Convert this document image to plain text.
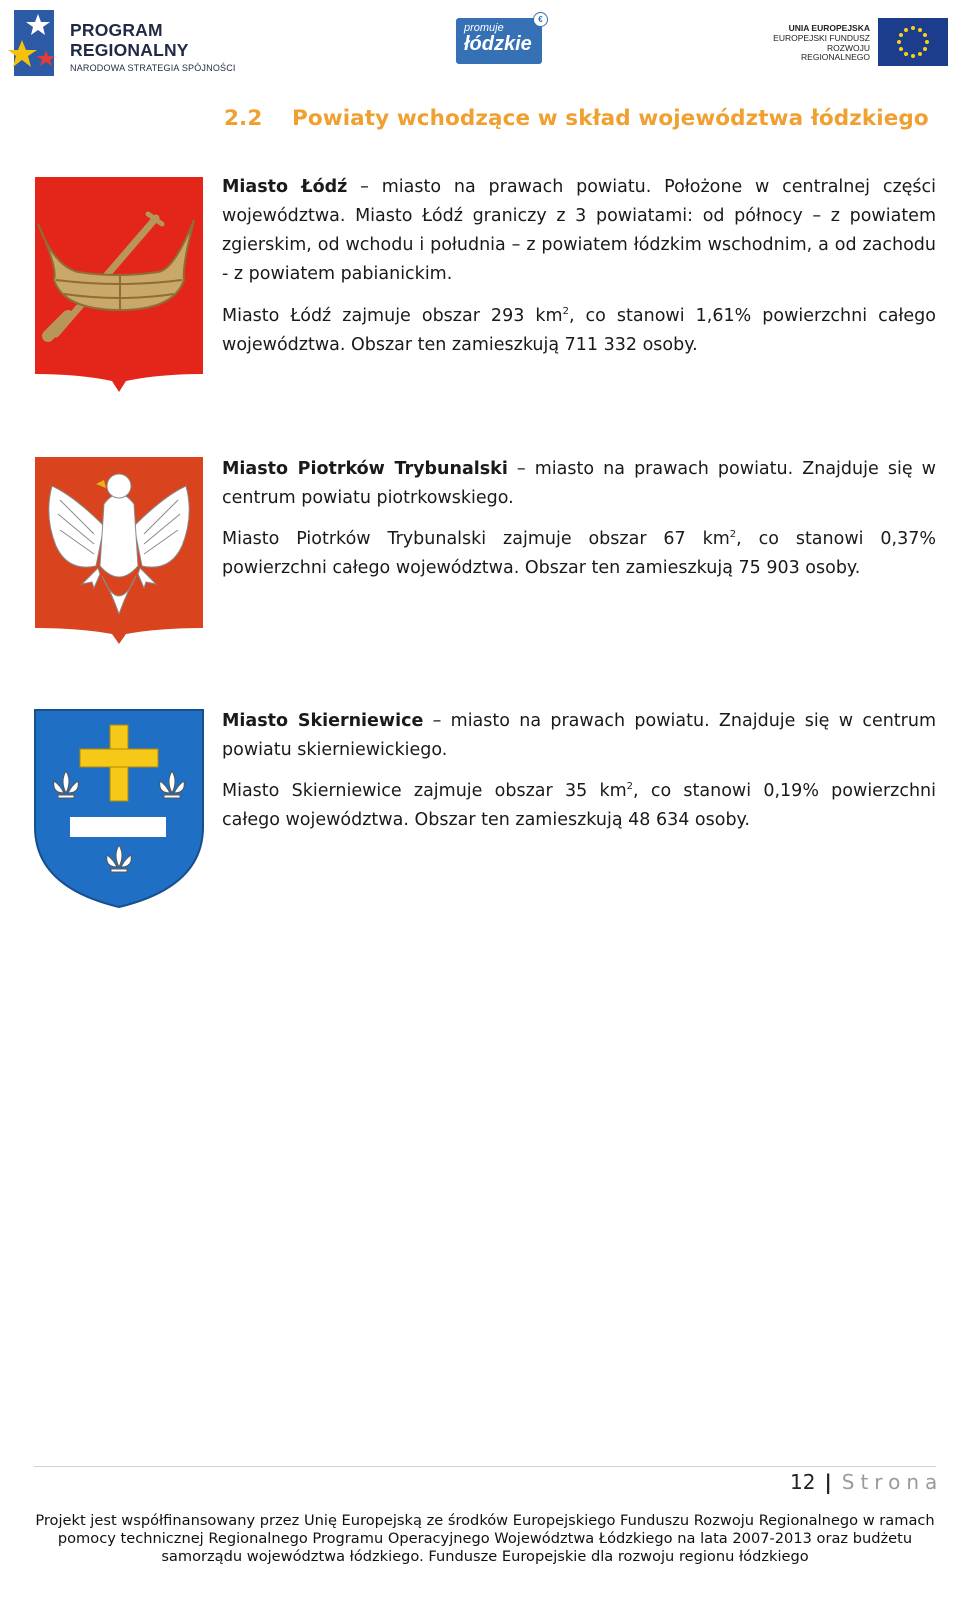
PROGRAM
REGIONALNY
NARODOWA STRATEGIA SPÓJNOŚCI
promuje
łódzkie
€
UNIA EUROPEJSKA
EUROPEJSKI FUNDUSZ
ROZWOJU REGIONALNEGO
2.2 Powiaty wchodzące w skład województwa łódzkiego

Miasto Łódź – miasto na prawach powiatu. Położone w centralnej części województwa. Miasto Łódź graniczy z 3 powiatami: od północy – z powiatem zgierskim, od wchodu i południa – z powiatem łódzkim wschodnim, a od zachodu - z powiatem pabianickim.

Miasto Łódź zajmuje obszar 293 $km^2$, co stanowi 1,61% powierzchni całego województwa. Obszar ten zamieszkują 711 332 osoby.

Miasto Piotrków Trybunalski – miasto na prawach powiatu. Znajduje się w centrum powiatu piotrkowskiego.

Miasto Piotrków Trybunalski zajmuje obszar 67 $km^2$, co stanowi 0,37% powierzchni całego województwa. Obszar ten zamieszkują 75 903 osoby.

Miasto Skierniewice – miasto na prawach powiatu. Znajduje się w centrum powiatu skierniewickiego.

Miasto Skierniewice zajmuje obszar 35 $km^2$, co stanowi 0,19% powierzchni całego województwa. Obszar ten zamieszkują 48 634 osoby.

12 | Strona
Projekt jest współfinansowany przez Unię Europejską ze środków Europejskiego Funduszu Rozwoju Regionalnego w ramach pomocy technicznej Regionalnego Programu Operacyjnego Województwa Łódzkiego na lata 2007-2013 oraz budżetu samorządu województwa łódzkiego. Fundusze Europejskie dla rozwoju regionu łódzkiego
